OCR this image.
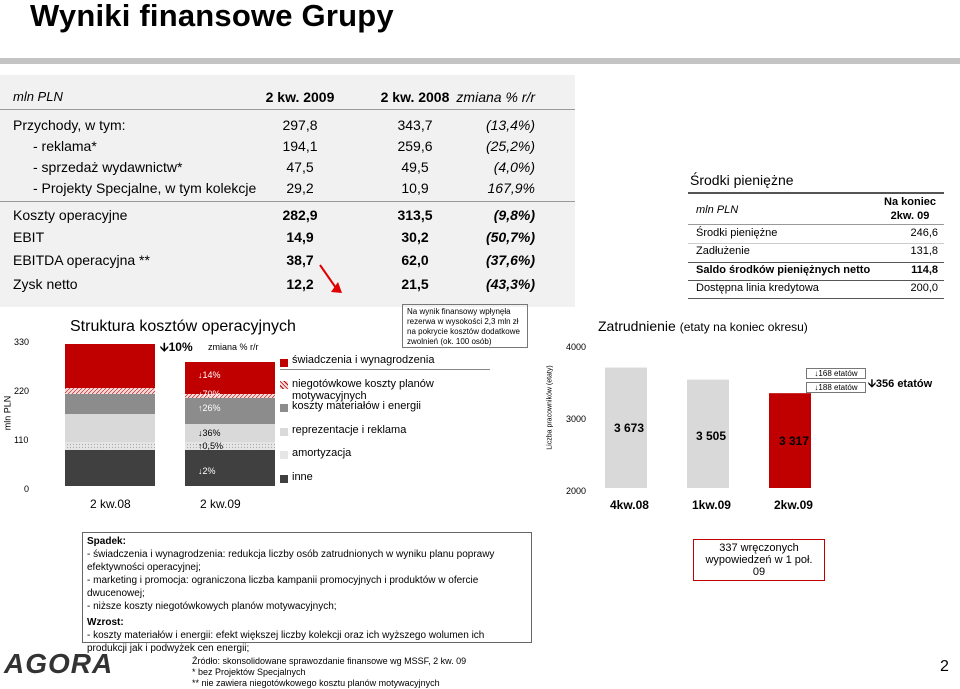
Wyniki finansowe Grupy
mln PLN	2 kw. 2009	2 kw. 2008 zmiana % r/r
Przychody, w tym:	297,8	343,7	(13,4%)
- reklama*	194,1	259,6	(25,2%)
- sprzedaż wydawnictw*	47,5	49,5	(4,0%)
- Projekty Specjalne, w tym kolekcje	29,2	10,9	167,9%
Koszty operacyjne	282,9	313,5	(9,8%)
EBIT	14,9	30,2	(50,7%)
EBITDA operacyjna **	38,7	62,0	(37,6%)
Zysk netto	12,2	21,5	(43,3%)
Środki pieniężne
mln PLN
Na koniec
2kw. 09
Środki pieniężne	246,6
Zadłużenie	131,8
Saldo środków pieniężnych netto	114,8
Dostępna linia kredytowa	200,0
Struktura kosztów operacyjnych
🡫10% zmiana % r/r
330
220
110
0
mln PLN
↓14%
↓70%
↑26%
↓36%
↑0,5%
↓2%
2 kw.08	2 kw.09
Na wynik finansowy wpłynęła rezerwa w wysokości 2,3 mln zł na pokrycie kosztów dodatkowe zwolnień (ok. 100 osób)
świadczenia i wynagrodzenia
niegotówkowe koszty planów motywacyjnych
koszty materiałów i energii
reprezentacje i reklama
amortyzacja
inne
Zatrudnienie (etaty na koniec okresu)
4000
3000
2000
Liczba pracowników (etaty)	3 673
3 505	3 317
4kw.08	1kw.09	2kw.09
↓168 etatów
↓188 etatów 🡫356 etatów
Spadek:
- świadczenia i wynagrodzenia: redukcja liczby osób zatrudnionych w wyniku planu poprawy efektywności operacyjnej;
- marketing i promocja: ograniczona liczba kampanii promocyjnych i produktów w ofercie dwucenowej;
- niższe koszty niegotówkowych planów motywacyjnych;
Wzrost:
- koszty materiałów i energii: efekt większej liczby kolekcji oraz ich wyższego wolumen ich produkcji jak i podwyżek cen energii;
337 wręczonych wypowiedzeń w 1 poł. 09
AGORA	Źródło: skonsolidowane sprawozdanie finansowe wg MSSF, 2 kw. 09
* bez Projektów Specjalnych
** nie zawiera niegotówkowego kosztu planów motywacyjnych
2
